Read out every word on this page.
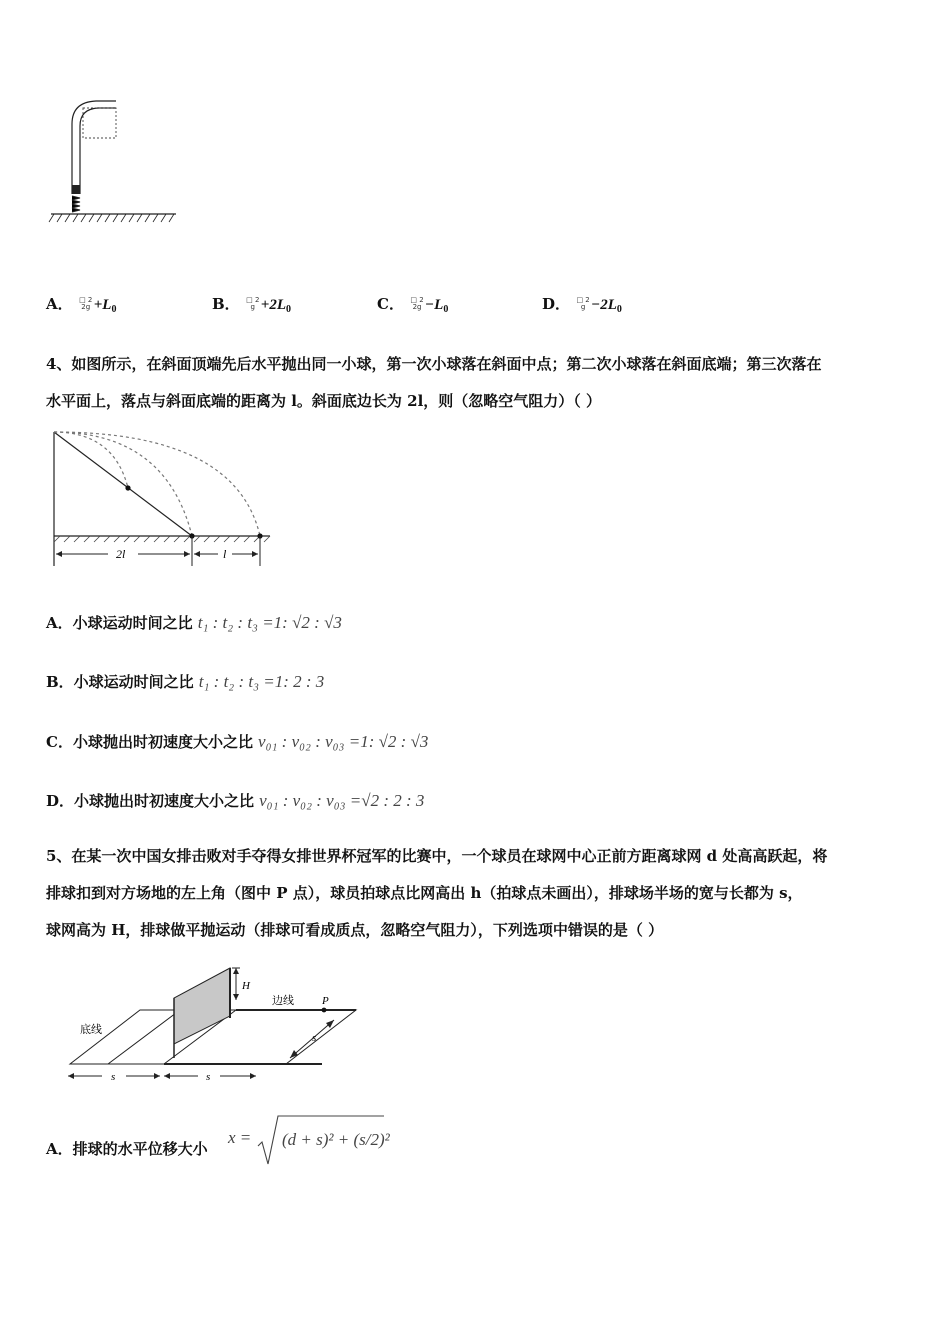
A． □ 2
$2g +L_0$	B． □ 2
$g +2L_0$	C． □ 2
$2g -L_0$	D． □ 2
$g -2L_0$
4、如图所示，在斜面顶端先后水平抛出同一小球，第一次小球落在斜面中点；第二次小球落在斜面底端；第三次落在
水平面上，落点与斜面底端的距离为 l。斜面底边长为 2l，则（忽略空气阻力）（ ）
2l	l
A．小球运动时间之比 t₁ : t₂ : t₃ =1: √2 : √3
B．小球运动时间之比 t₁ : t₂ : t₃ =1: 2 : 3
C．小球抛出时初速度大小之比 v₀₁ : v₀₂ : v₀₃ =1: √2 : √3
D．小球抛出时初速度大小之比 v₀₁ : v₀₂ : v₀₃ =√2 : 2 : 3
5、在某一次中国女排击败对手夺得女排世界杯冠军的比赛中，一个球员在球网中心正前方距离球网 d 处高高跃起，将
排球扣到对方场地的左上角（图中 P 点），球员拍球点比网高出 h（拍球点未画出），排球场半场的宽与长都为 s，
球网高为 H，排球做平抛运动（排球可看成质点，忽略空气阻力），下列选项中错误的是（ ）
H
边线	P
底线
s
s	s
A．排球的水平位移大小
x = (d + s)² + (s/2)²
